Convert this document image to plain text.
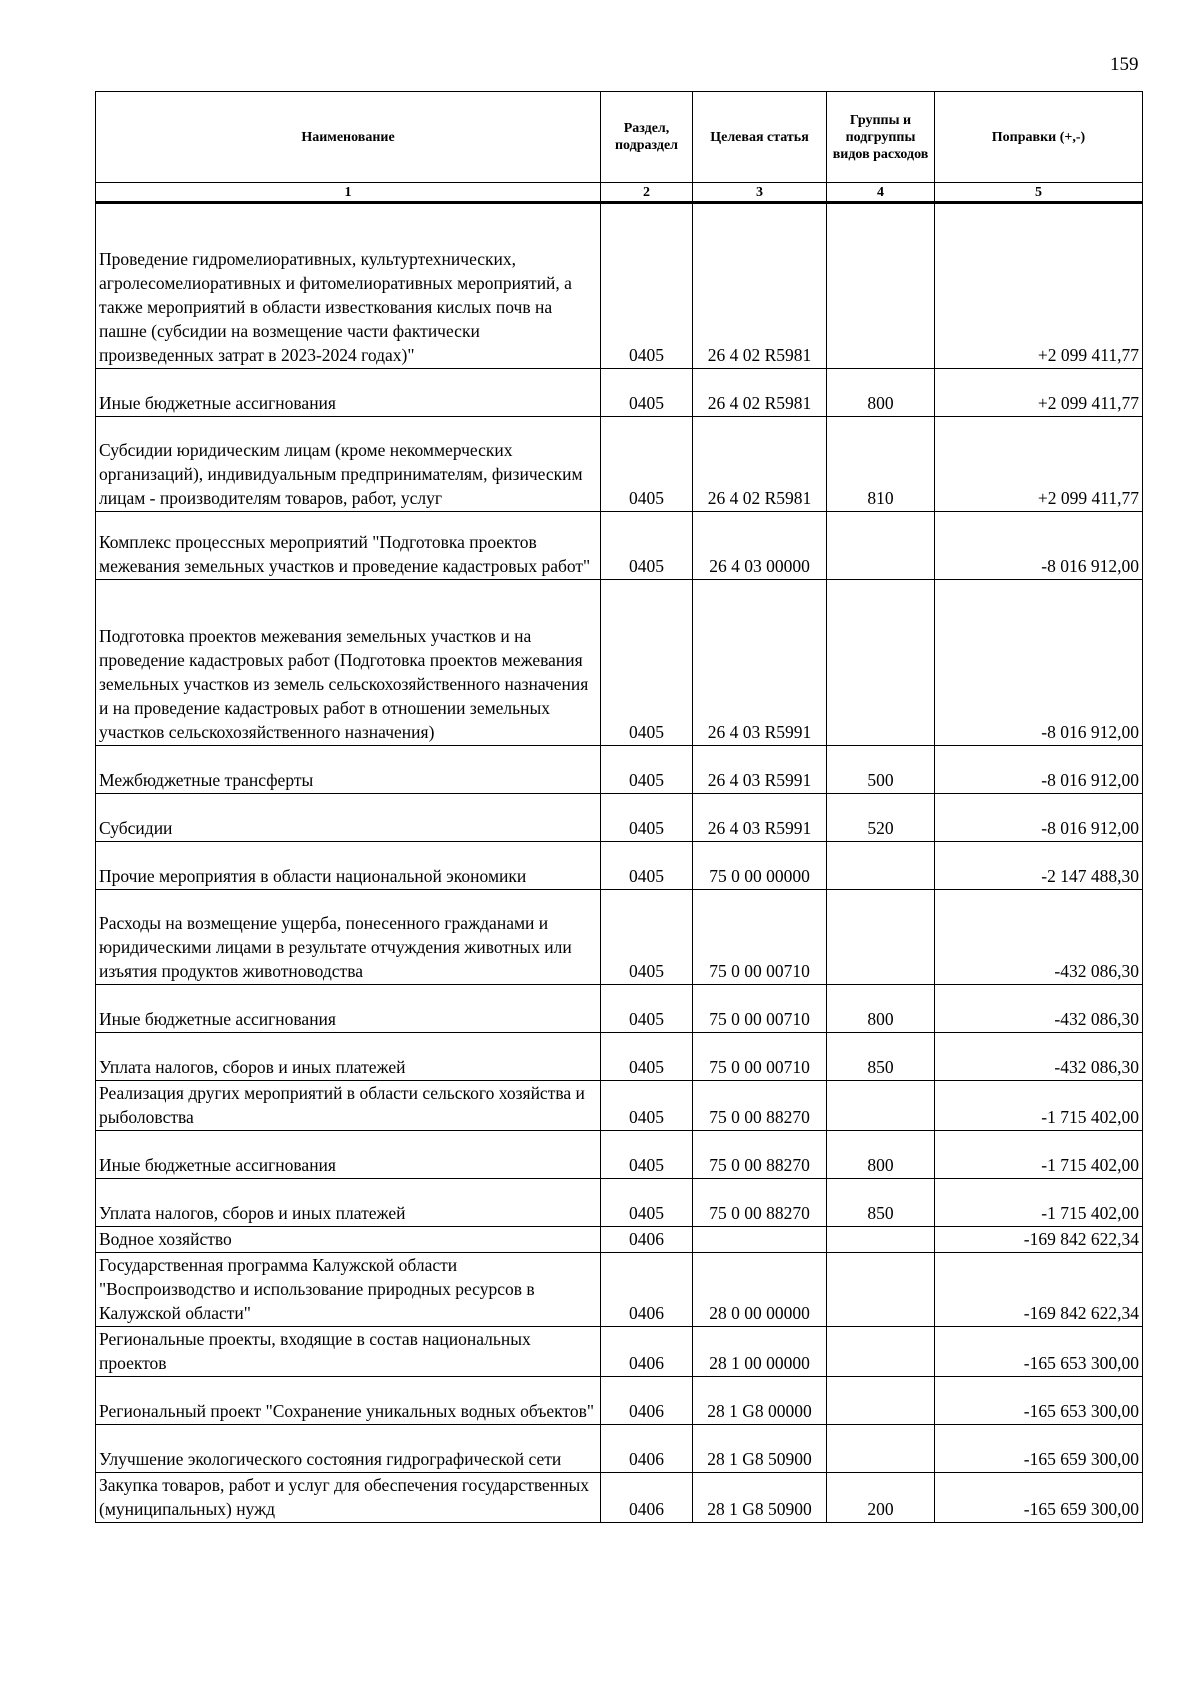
159
Наименование	Раздел, подраздел	Целевая статья	Группы и подгруппы видов расходов	Поправки (+,-)
1	2	3	4	5
Проведение гидромелиоративных, культуртехнических, агролесомелиоративных и фитомелиоративных мероприятий, а также мероприятий в области известкования кислых почв на пашне (субсидии на возмещение части фактически произведенных затрат в 2023-2024 годах)"	0405	26 4 02 R5981		+2 099 411,77
Иные бюджетные ассигнования	0405	26 4 02 R5981	800	+2 099 411,77
Субсидии юридическим лицам (кроме некоммерческих организаций), индивидуальным предпринимателям, физическим лицам - производителям товаров, работ, услуг	0405	26 4 02 R5981	810	+2 099 411,77
Комплекс процессных мероприятий "Подготовка проектов межевания земельных участков и проведение кадастровых работ"	0405	26 4 03 00000		-8 016 912,00
Подготовка проектов межевания земельных участков и на проведение кадастровых работ (Подготовка проектов межевания земельных участков из земель сельскохозяйственного назначения и на проведение кадастровых работ в отношении земельных участков сельскохозяйственного назначения)	0405	26 4 03 R5991		-8 016 912,00
Межбюджетные трансферты	0405	26 4 03 R5991	500	-8 016 912,00
Субсидии	0405	26 4 03 R5991	520	-8 016 912,00
Прочие мероприятия в области национальной экономики	0405	75 0 00 00000		-2 147 488,30
Расходы на возмещение ущерба, понесенного гражданами и юридическими лицами в результате отчуждения животных или изъятия продуктов животноводства	0405	75 0 00 00710		-432 086,30
Иные бюджетные ассигнования	0405	75 0 00 00710	800	-432 086,30
Уплата налогов, сборов и иных платежей	0405	75 0 00 00710	850	-432 086,30
Реализация других мероприятий в области сельского хозяйства и рыболовства	0405	75 0 00 88270		-1 715 402,00
Иные бюджетные ассигнования	0405	75 0 00 88270	800	-1 715 402,00
Уплата налогов, сборов и иных платежей	0405	75 0 00 88270	850	-1 715 402,00
Водное хозяйство	0406			-169 842 622,34
Государственная программа Калужской области "Воспроизводство и использование природных ресурсов в Калужской области"	0406	28 0 00 00000		-169 842 622,34
Региональные проекты, входящие в состав национальных проектов	0406	28 1 00 00000		-165 653 300,00
Региональный проект "Сохранение уникальных водных объектов"	0406	28 1 G8 00000		-165 653 300,00
Улучшение экологического состояния гидрографической сети	0406	28 1 G8 50900		-165 659 300,00
Закупка товаров, работ и услуг для обеспечения государственных (муниципальных) нужд	0406	28 1 G8 50900	200	-165 659 300,00
